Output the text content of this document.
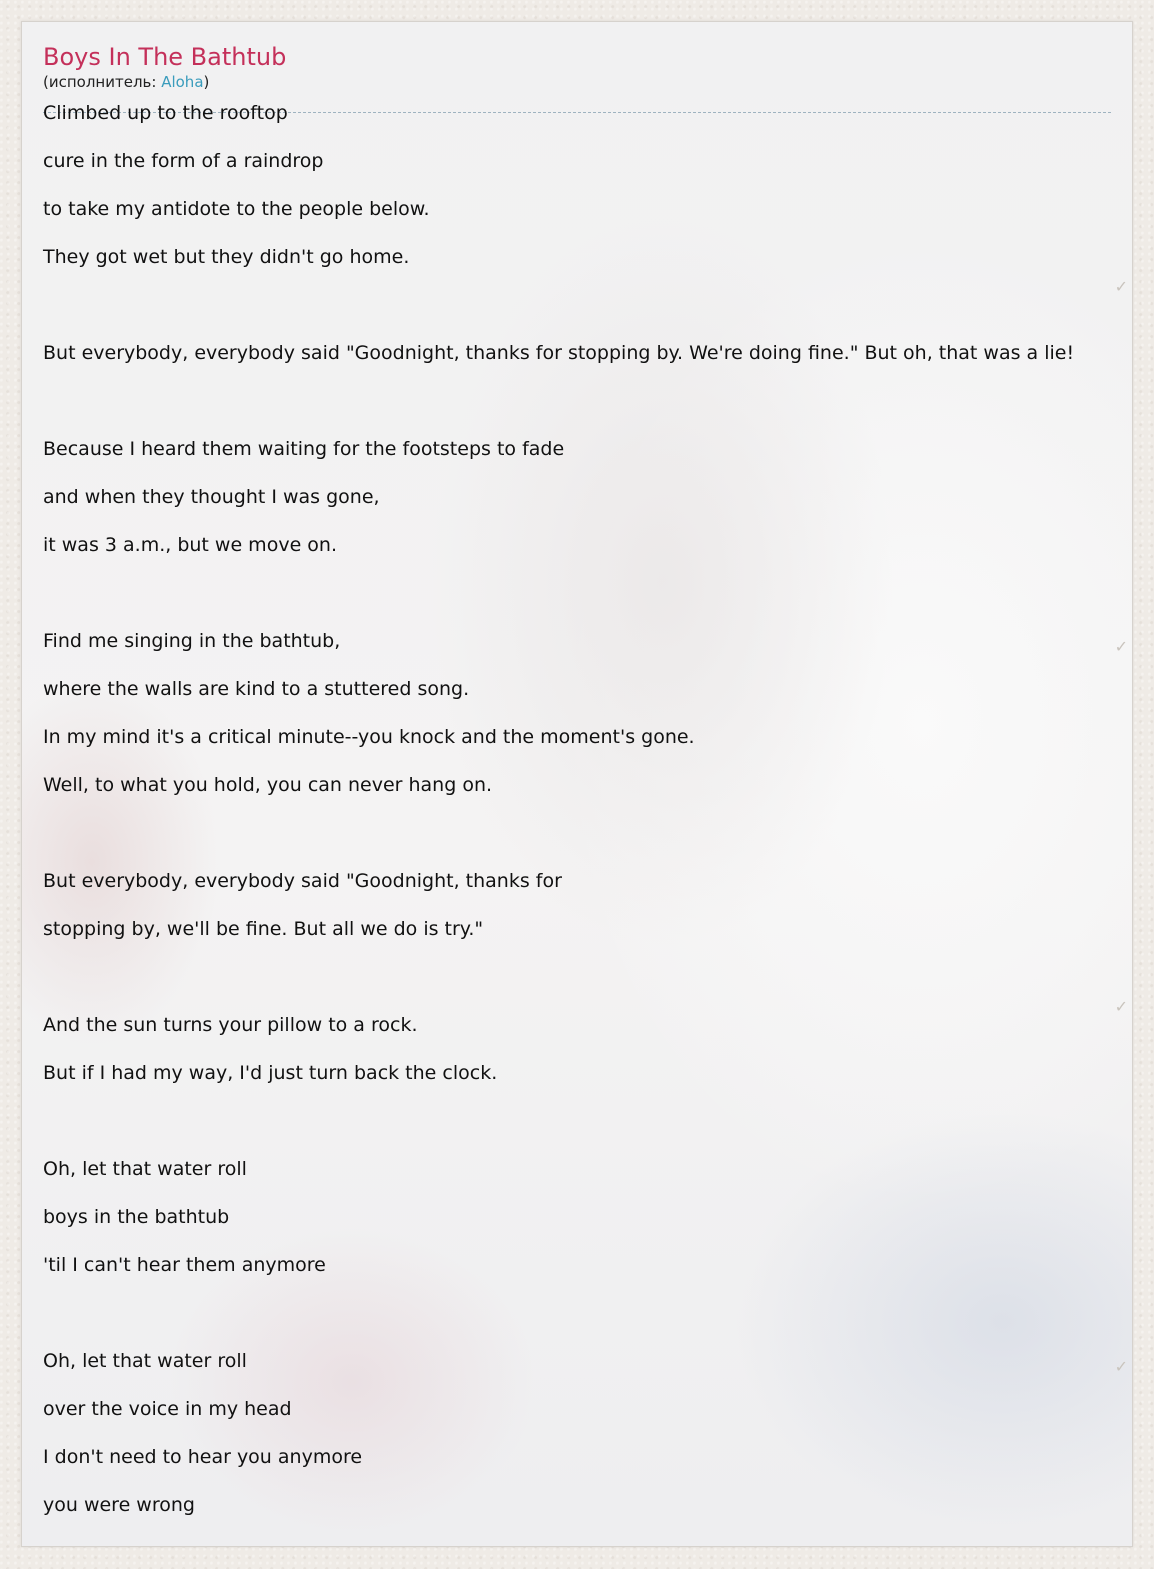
✓
✓
✓
✓
Boys In The Bathtub
(исполнитель: Aloha)
Climbed up to the rooftop
cure in the form of a raindrop
to take my antidote to the people below.
They got wet but they didn't go home.
But everybody, everybody said "Goodnight, thanks for stopping by. We're doing fine." But oh, that was a lie!
Because I heard them waiting for the footsteps to fade
and when they thought I was gone,
it was 3 a.m., but we move on.
Find me singing in the bathtub,
where the walls are kind to a stuttered song.
In my mind it's a critical minute--you knock and the moment's gone.
Well, to what you hold, you can never hang on.
But everybody, everybody said "Goodnight, thanks for
stopping by, we'll be fine. But all we do is try."
And the sun turns your pillow to a rock.
But if I had my way, I'd just turn back the clock.
Oh, let that water roll
boys in the bathtub
'til I can't hear them anymore
Oh, let that water roll
over the voice in my head
I don't need to hear you anymore
you were wrong
